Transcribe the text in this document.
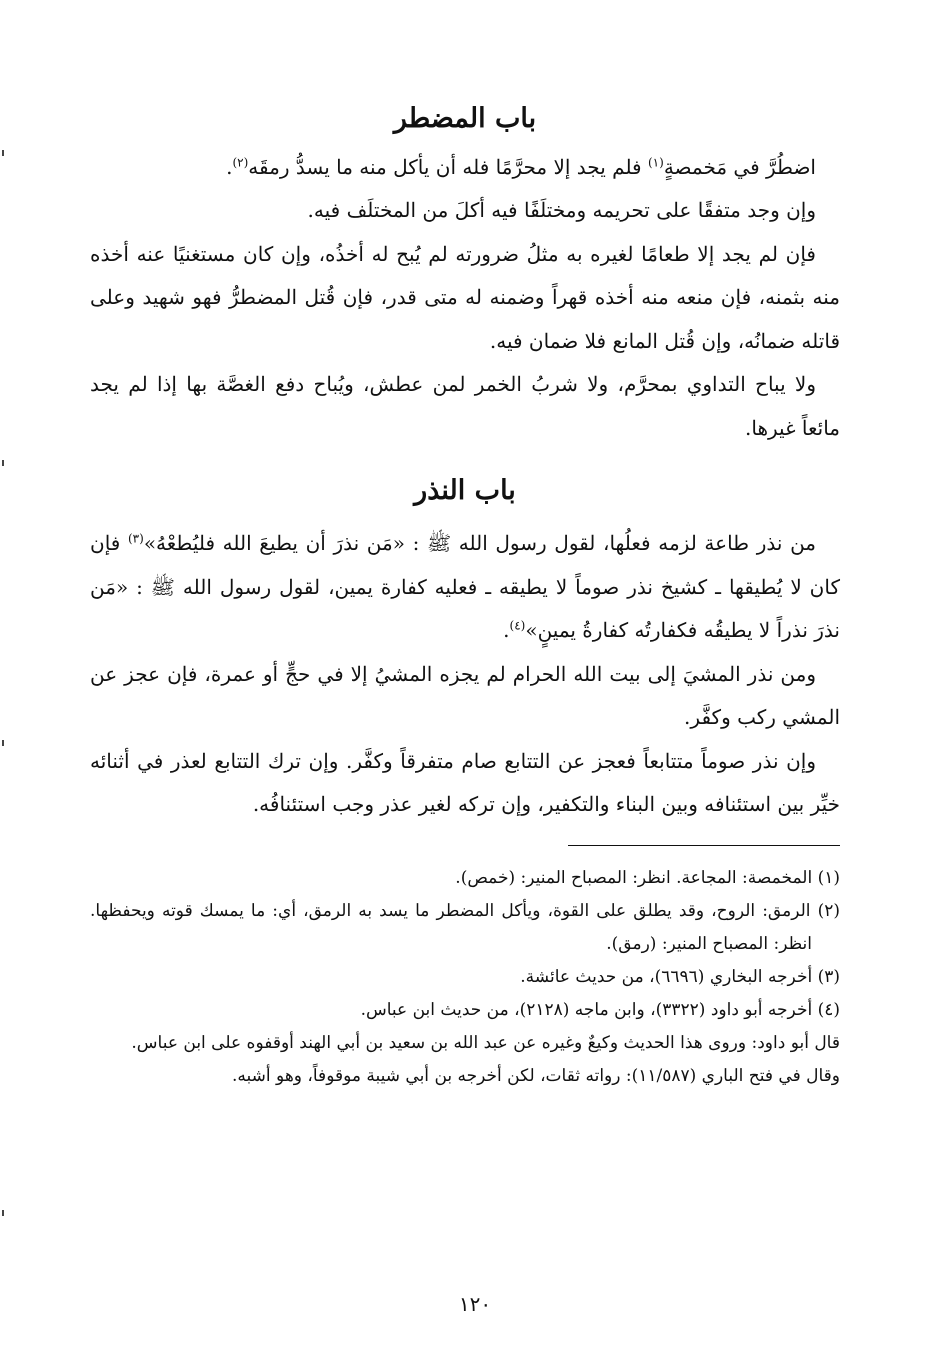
باب المضطر

اضطُرَّ في مَخمصةٍ$^{(١)}$ فلم يجد إلا محرَّمًا فله أن يأكل منه ما يسدُّ رمقَه$^{(٢)}$.

وإن وجد متفقًا على تحريمه ومختلَفًا فيه أكلَ من المختلَف فيه.

فإن لم يجد إلا طعامًا لغيره به مثلُ ضرورته لم يُبح له أخذُه، وإن كان مستغنيًا عنه أخذه منه بثمنه، فإن منعه منه أخذه قهراً وضمنه له متى قدر، فإن قُتل المضطرُّ فهو شهيد وعلى قاتله ضمانُه، وإن قُتل المانع فلا ضمان فيه.

ولا يباح التداوي بمحرَّم، ولا شربُ الخمر لمن عطش، ويُباح دفع الغصَّة بها إذا لم يجد مائعاً غيرها.

باب النذر

من نذر طاعة لزمه فعلُها، لقول رسول الله ﷺ : «مَن نذرَ أن يطيعَ الله فليُطعْهُ»$^{(٣)}$ فإن كان لا يُطيقها ـ كشيخ نذر صوماً لا يطيقه ـ فعليه كفارة يمين، لقول رسول الله ﷺ : «مَن نذرَ نذراً لا يطيقُه فكفارتُه كفارةُ يمينٍ»$^{(٤)}$.

ومن نذر المشيَ إلى بيت الله الحرام لم يجزه المشيُ إلا في حجٍّ أو عمرة، فإن عجز عن المشي ركب وكفَّر.

وإن نذر صوماً متتابعاً فعجز عن التتابع صام متفرقاً وكفَّر. وإن ترك التتابع لعذر في أثنائه خيِّر بين استئنافه وبين البناء والتكفير، وإن تركه لغير عذر وجب استئنافُه.

(١) المخمصة: المجاعة. انظر: المصباح المنير: (خمص).

(٢) الرمق: الروح، وقد يطلق على القوة، ويأكل المضطر ما يسد به الرمق، أي: ما يمسك قوته ويحفظها. انظر: المصباح المنير: (رمق).

(٣) أخرجه البخاري (٦٦٩٦)، من حديث عائشة.

(٤) أخرجه أبو داود (٣٣٢٢)، وابن ماجه (٢١٢٨)، من حديث ابن عباس.

قال أبو داود: وروى هذا الحديث وكيعٌ وغيره عن عبد الله بن سعيد بن أبي الهند أوقفوه على ابن عباس.

وقال في فتح الباري (١١/٥٨٧): رواته ثقات، لكن أخرجه بن أبي شيبة موقوفاً، وهو أشبه.

١٢٠
